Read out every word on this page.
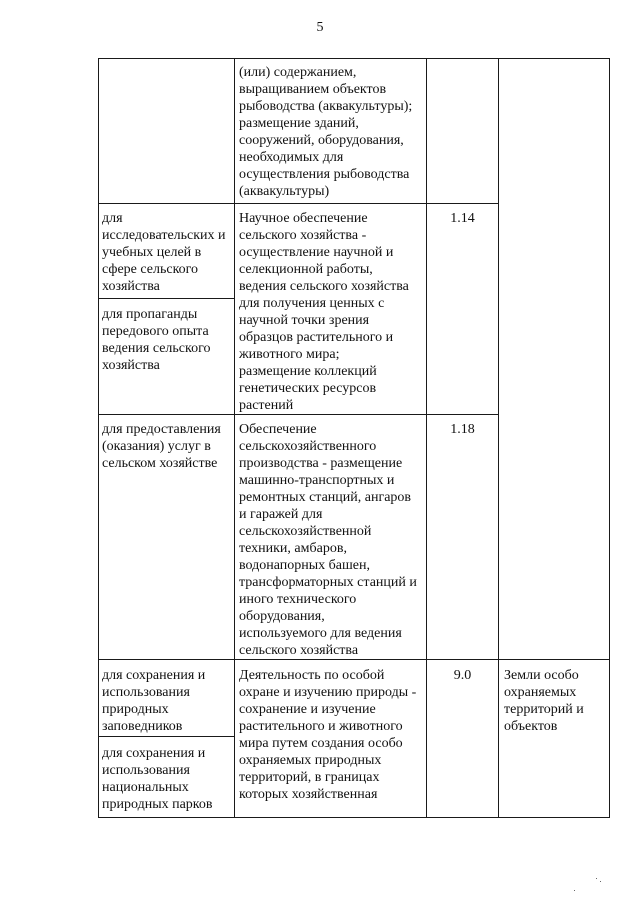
5
(или) содержанием,
выращиванием объектов
рыбоводства (аквакультуры);
размещение зданий,
сооружений, оборудования,
необходимых для
осуществления рыбоводства
(аквакультуры)
для
исследовательских и
учебных целей в
сфере сельского
хозяйства
для пропаганды
передового опыта
ведения сельского
хозяйства
Научное обеспечение
сельского хозяйства -
осуществление научной и
селекционной работы,
ведения сельского хозяйства
для получения ценных с
научной точки зрения
образцов растительного и
животного мира;
размещение коллекций
генетических ресурсов
растений
1.14
для предоставления
(оказания) услуг в
сельском хозяйстве
Обеспечение
сельскохозяйственного
производства - размещение
машинно-транспортных и
ремонтных станций, ангаров
и гаражей для
сельскохозяйственной
техники, амбаров,
водонапорных башен,
трансформаторных станций и
иного технического
оборудования,
используемого для ведения
сельского хозяйства
1.18
для сохранения и
использования
природных
заповедников
для сохранения и
использования
национальных
природных парков
Деятельность по особой
охране и изучению природы -
сохранение и изучение
растительного и животного
мира путем создания особо
охраняемых природных
территорий, в границах
которых хозяйственная
9.0	Земли особо
охраняемых
территорий и
объектов
